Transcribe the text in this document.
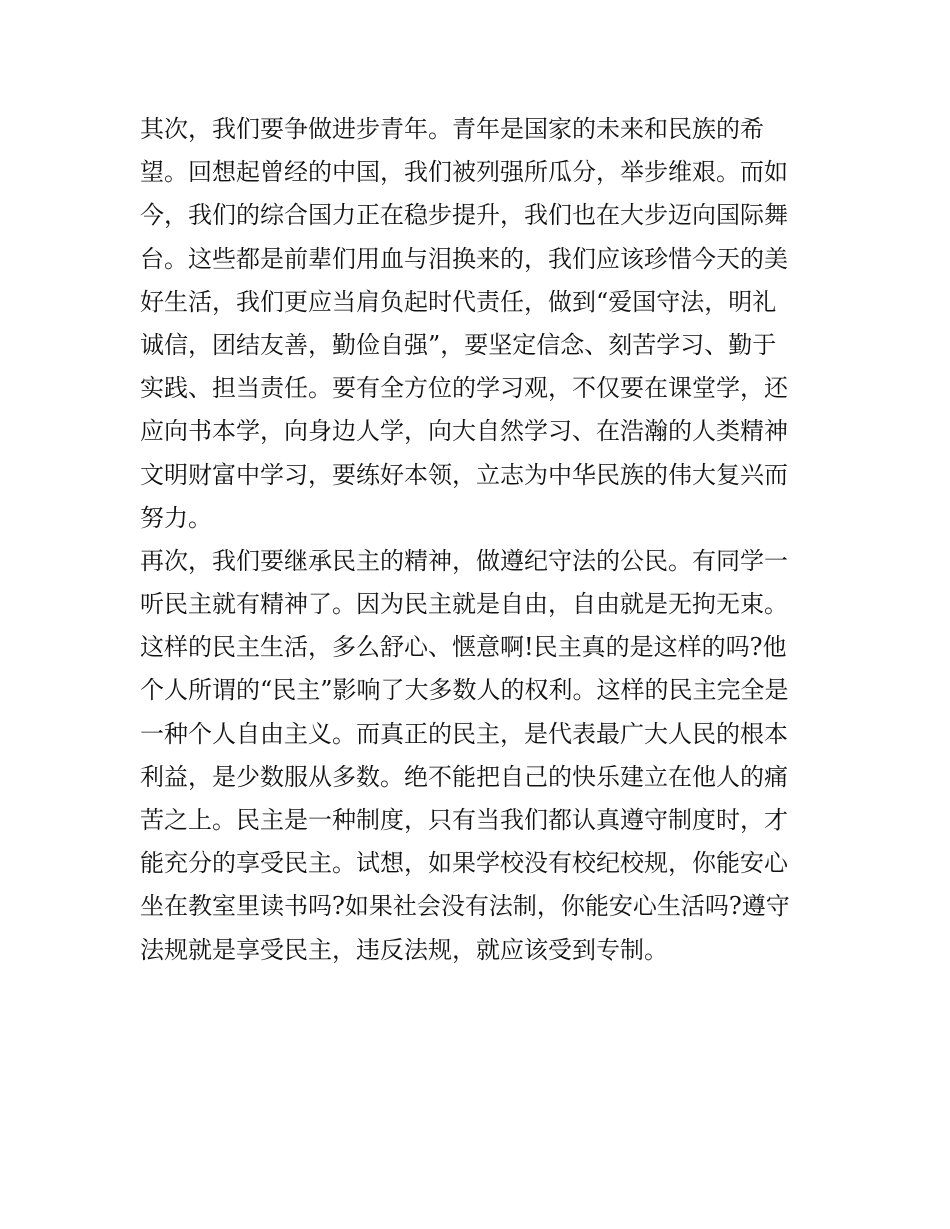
其次，我们要争做进步青年。青年是国家的未来和民族的希
望。回想起曾经的中国，我们被列强所瓜分，举步维艰。而如
今，我们的综合国力正在稳步提升，我们也在大步迈向国际舞
台。这些都是前辈们用血与泪换来的，我们应该珍惜今天的美
好生活，我们更应当肩负起时代责任，做到“爱国守法，明礼
诚信，团结友善，勤俭自强”，要坚定信念、刻苦学习、勤于
实践、担当责任。要有全方位的学习观，不仅要在课堂学，还
应向书本学，向身边人学，向大自然学习、在浩瀚的人类精神
文明财富中学习，要练好本领，立志为中华民族的伟大复兴而
努力。
再次，我们要继承民主的精神，做遵纪守法的公民。有同学一
听民主就有精神了。因为民主就是自由，自由就是无拘无束。
这样的民主生活，多么舒心、惬意啊!民主真的是这样的吗?他
个人所谓的“民主”影响了大多数人的权利。这样的民主完全是
一种个人自由主义。而真正的民主，是代表最广大人民的根本
利益，是少数服从多数。绝不能把自己的快乐建立在他人的痛
苦之上。民主是一种制度，只有当我们都认真遵守制度时，才
能充分的享受民主。试想，如果学校没有校纪校规，你能安心
坐在教室里读书吗?如果社会没有法制，你能安心生活吗?遵守
法规就是享受民主，违反法规，就应该受到专制。
